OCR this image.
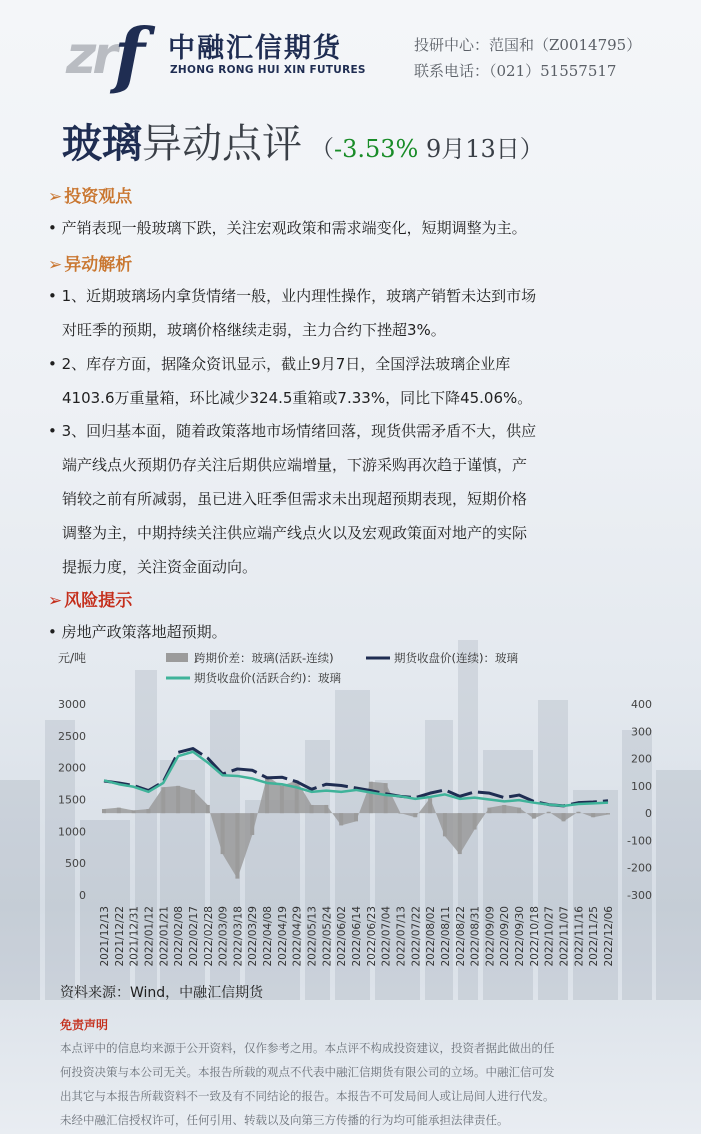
zr f 中融汇信期货
ZHONG RONG HUI XIN FUTURES
投研中心：范国和（Z0014795）
联系电话：（021）51557517
玻璃异动点评 （-3.53% 9月13日）
➢ 投资观点
• 产销表现一般玻璃下跌，关注宏观政策和需求端变化，短期调整为主。
➢ 异动解析
• 1、近期玻璃场内拿货情绪一般，业内理性操作，玻璃产销暂未达到市场
对旺季的预期，玻璃价格继续走弱，主力合约下挫超3%。
• 2、库存方面，据隆众资讯显示，截止9月7日，全国浮法玻璃企业库
4103.6万重量箱，环比减少324.5重箱或7.33%，同比下降45.06%。
• 3、回归基本面，随着政策落地市场情绪回落，现货供需矛盾不大，供应
端产线点火预期仍存关注后期供应端增量，下游采购再次趋于谨慎，产
销较之前有所减弱，虽已进入旺季但需求未出现超预期表现，短期价格
调整为主，中期持续关注供应端产线点火以及宏观政策面对地产的实际
提振力度，关注资金面动向。
➢ 风险提示
• 房地产政策落地超预期。
元/吨	跨期价差：玻璃(活跃-连续)	期货收盘价(连续)：玻璃
期货收盘价(活跃合约)：玻璃
3000
2500
2000
1500
1000
500
0
400
300
200
100
0
-100
-200
-300
2021/12/13 2021/12/22 2021/12/31 2022/01/12 2022/01/21 2022/02/08 2022/02/17 2022/02/28 2022/03/09 2022/03/18 2022/03/29 2022/04/08 2022/04/19 2022/04/29 2022/05/13 2022/05/24 2022/06/02 2022/06/14 2022/06/23 2022/07/04 2022/07/13 2022/07/22 2022/08/02 2022/08/11 2022/08/22 2022/08/31 2022/09/09 2022/09/20 2022/09/30 2022/10/18 2022/10/27 2022/11/07 2022/11/16 2022/11/25 2022/12/06
资料来源：Wind，中融汇信期货
免责声明
本点评中的信息均来源于公开资料，仅作参考之用。本点评不构成投资建议，投资者据此做出的任
何投资决策与本公司无关。本报告所载的观点不代表中融汇信期货有限公司的立场。中融汇信可发
出其它与本报告所载资料不一致及有不同结论的报告。本报告不可发局间人或让局间人进行代发。
未经中融汇信授权许可，任何引用、转载以及向第三方传播的行为均可能承担法律责任。
